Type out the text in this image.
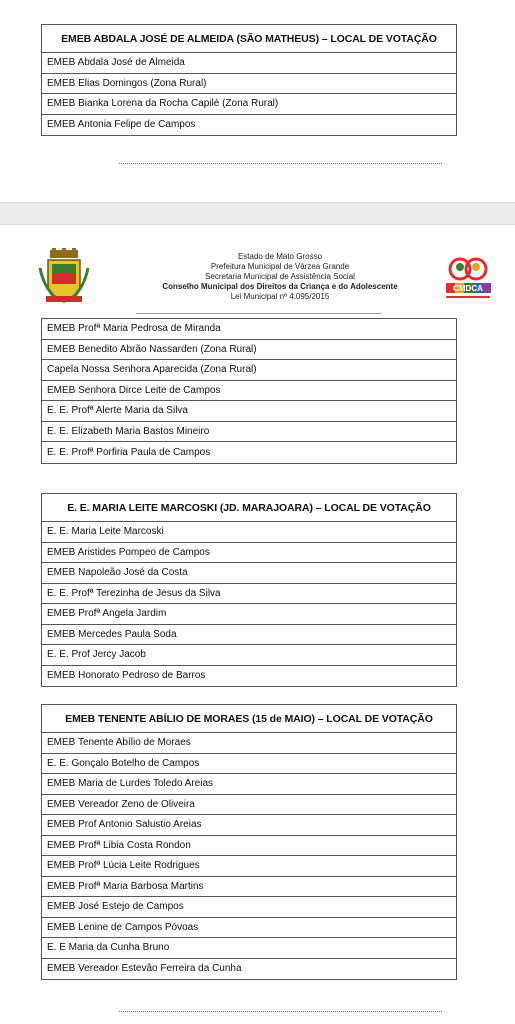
EMEB ABDALA JOSÉ DE ALMEIDA (SÃO MATHEUS) – LOCAL DE VOTAÇÃO
EMEB Abdala José de Almeida
EMEB Elias Domingos (Zona Rural)
EMEB Bianka Lorena da Rocha Capilé (Zona Rural)
EMEB Antonia Felipe de Campos
Estado de Mato Grosso
Prefeitura Municipal de Várzea Grande
Secretaria Municipal de Assistência Social
Conselho Municipal dos Direitos da Criança e do Adolescente
Lei Municipal nº 4.095/2015
CMDCA
EMEB Profª Maria Pedrosa de Miranda
EMEB Benedito Abrão Nassarden (Zona Rural)
Capela Nossa Senhora Aparecida (Zona Rural)
EMEB Senhora Dirce Leite de Campos
E. E. Profª Alerte Maria da Silva
E. E. Elizabeth Maria Bastos Mineiro
E. E. Profª Porfiria Paula de Campos
E. E. MARIA LEITE MARCOSKI (JD. MARAJOARA) – LOCAL DE VOTAÇÃO
E. E. Maria Leite Marcoski
EMEB Aristides Pompeo de Campos
EMEB Napoleão José da Costa
E. E. Profª Terezinha de Jesus da Silva
EMEB Profª Angela Jardim
EMEB Mercedes Paula Soda
E. E. Prof Jercy Jacob
EMEB Honorato Pedroso de Barros
EMEB TENENTE ABÍLIO DE MORAES (15 de MAIO) – LOCAL DE VOTAÇÃO
EMEB Tenente Abílio de Moraes
E. E. Gonçalo Botelho de Campos
EMEB Maria de Lurdes Toledo Areias
EMEB Vereador Zeno de Oliveira
EMEB Prof Antonio Salustio Areias
EMEB Profª Libia Costa Rondon
EMEB Profª Lúcia Leite Rodrigues
EMEB Profª Maria Barbosa Martins
EMEB José Estejo de Campos
EMEB Lenine de Campos Póvoas
E. E Maria da Cunha Bruno
EMEB Vereador Estevão Ferreira da Cunha
